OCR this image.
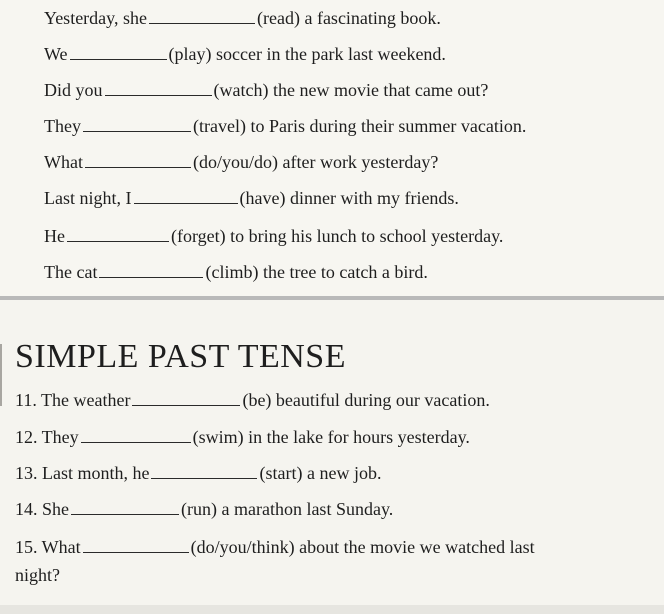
Yesterday, she	(read) a fascinating book.
We	(play) soccer in the park last weekend.
Did you	(watch) the new movie that came out?
They	(travel) to Paris during their summer vacation.
What	(do/you/do) after work yesterday?
Last night, I	(have) dinner with my friends.
He	(forget) to bring his lunch to school yesterday.
The cat	(climb) the tree to catch a bird.
SIMPLE PAST TENSE
11. The weather	(be) beautiful during our vacation.
12. They	(swim) in the lake for hours yesterday.
13. Last month, he	(start) a new job.
14. She	(run) a marathon last Sunday.
15. What	(do/you/think) about the movie we watched last
night?
